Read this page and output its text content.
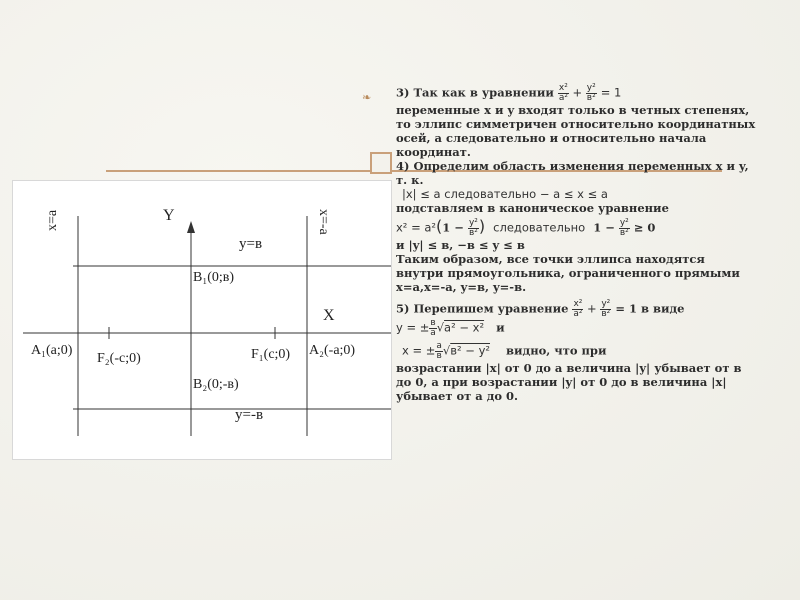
❧
Y
X
x=a	x=-a
y=в
y=-в
B₁(0;в)
B₂(0;-в)
A₁(a;0)	A₂(-a;0)
F₂(-c;0)	F₁(c;0)

3) Так как в уравнении $\frac{\text{x²}}{\text{a²}} + \frac{\text{y²}}{\text{в²}} = 1$

переменные x и y входят только в четных степенях, то эллипс симметричен относительно координатных осей, а следовательно и относительно начала координат.

4) Определим область изменения переменных x и y, т. к.

|x| ≤ a следовательно − a ≤ x ≤ a

подставляем в каноническое уравнение

$x^2 = a^2(1 - \frac{\text{y²}}{\text{в²}}$ ) следовательно $1 - \frac{\text{y²}}{\text{в²}} \ge 0$

и |y| ≤ в, −в ≤ y ≤ в

Таким образом, все точки эллипса находятся внутри прямоугольника, ограниченного прямыми x=a,x=-a, y=в, y=-в.

5) Перепишем уравнение $\frac{\text{x²}}{\text{a²}} + \frac{\text{y²}}{\text{в²}} = 1$ в виде

y = ± $\frac{в}{a} √a^2 - x^2$ и

x = ± $\frac{a}{в} √в^2 - y^2$ видно, что при

возрастании |x| от 0 до a величина |y| убывает от в до 0, а при возрастании |y| от 0 до в величина |x| убывает от a до 0.
